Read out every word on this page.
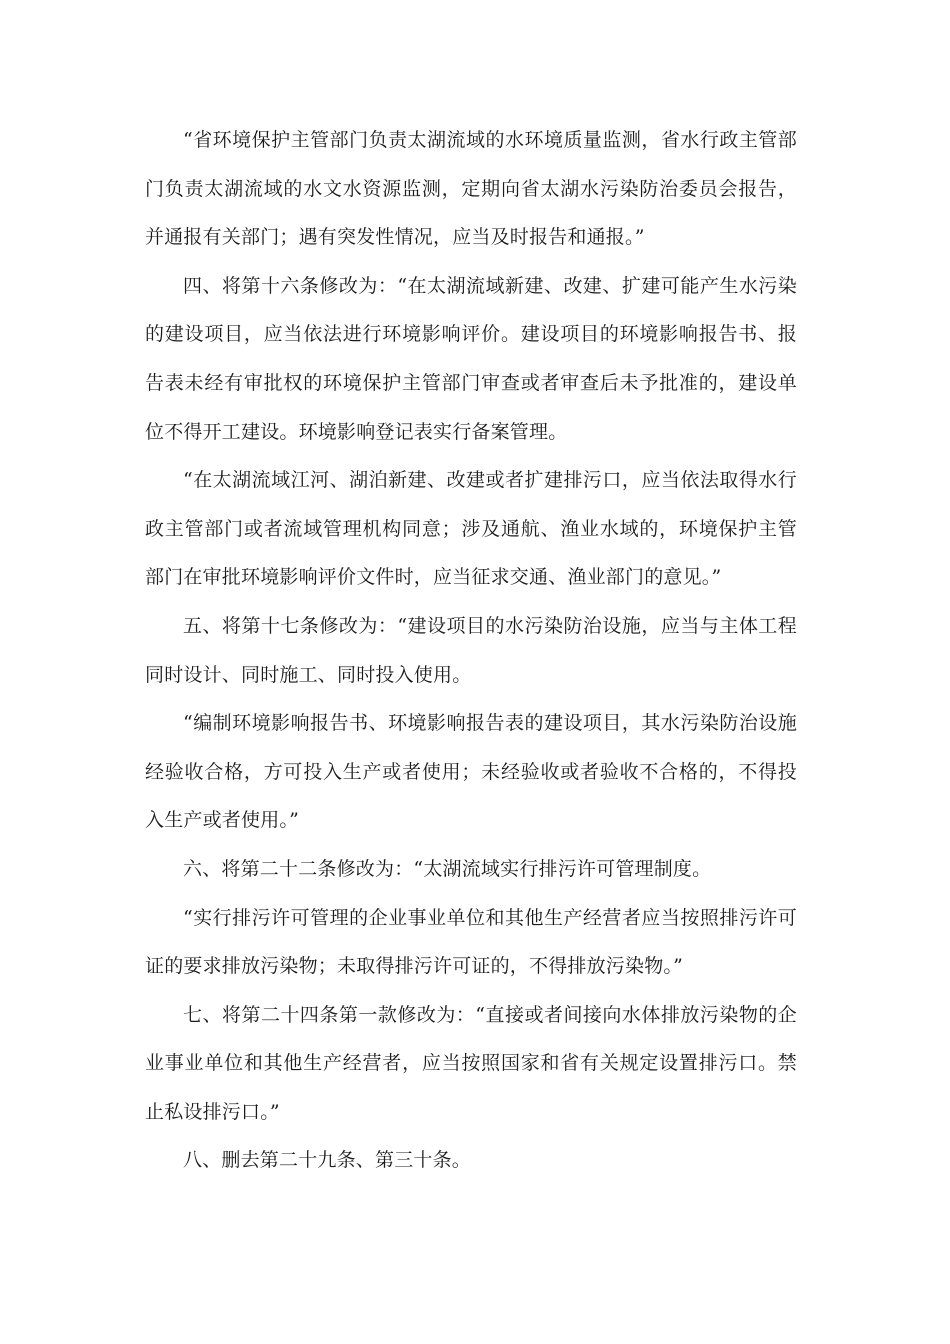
“省环境保护主管部门负责太湖流域的水环境质量监测，省水行政主管部门负责太湖流域的水文水资源监测，定期向省太湖水污染防治委员会报告，并通报有关部门；遇有突发性情况，应当及时报告和通报。”

四、将第十六条修改为：“在太湖流域新建、改建、扩建可能产生水污染的建设项目，应当依法进行环境影响评价。建设项目的环境影响报告书、报告表未经有审批权的环境保护主管部门审查或者审查后未予批准的，建设单位不得开工建设。环境影响登记表实行备案管理。

“在太湖流域江河、湖泊新建、改建或者扩建排污口，应当依法取得水行政主管部门或者流域管理机构同意；涉及通航、渔业水域的，环境保护主管部门在审批环境影响评价文件时，应当征求交通、渔业部门的意见。”

五、将第十七条修改为：“建设项目的水污染防治设施，应当与主体工程同时设计、同时施工、同时投入使用。

“编制环境影响报告书、环境影响报告表的建设项目，其水污染防治设施经验收合格，方可投入生产或者使用；未经验收或者验收不合格的，不得投入生产或者使用。”

六、将第二十二条修改为：“太湖流域实行排污许可管理制度。

“实行排污许可管理的企业事业单位和其他生产经营者应当按照排污许可证的要求排放污染物；未取得排污许可证的，不得排放污染物。”

七、将第二十四条第一款修改为：“直接或者间接向水体排放污染物的企业事业单位和其他生产经营者，应当按照国家和省有关规定设置排污口。禁止私设排污口。”

八、删去第二十九条、第三十条。
